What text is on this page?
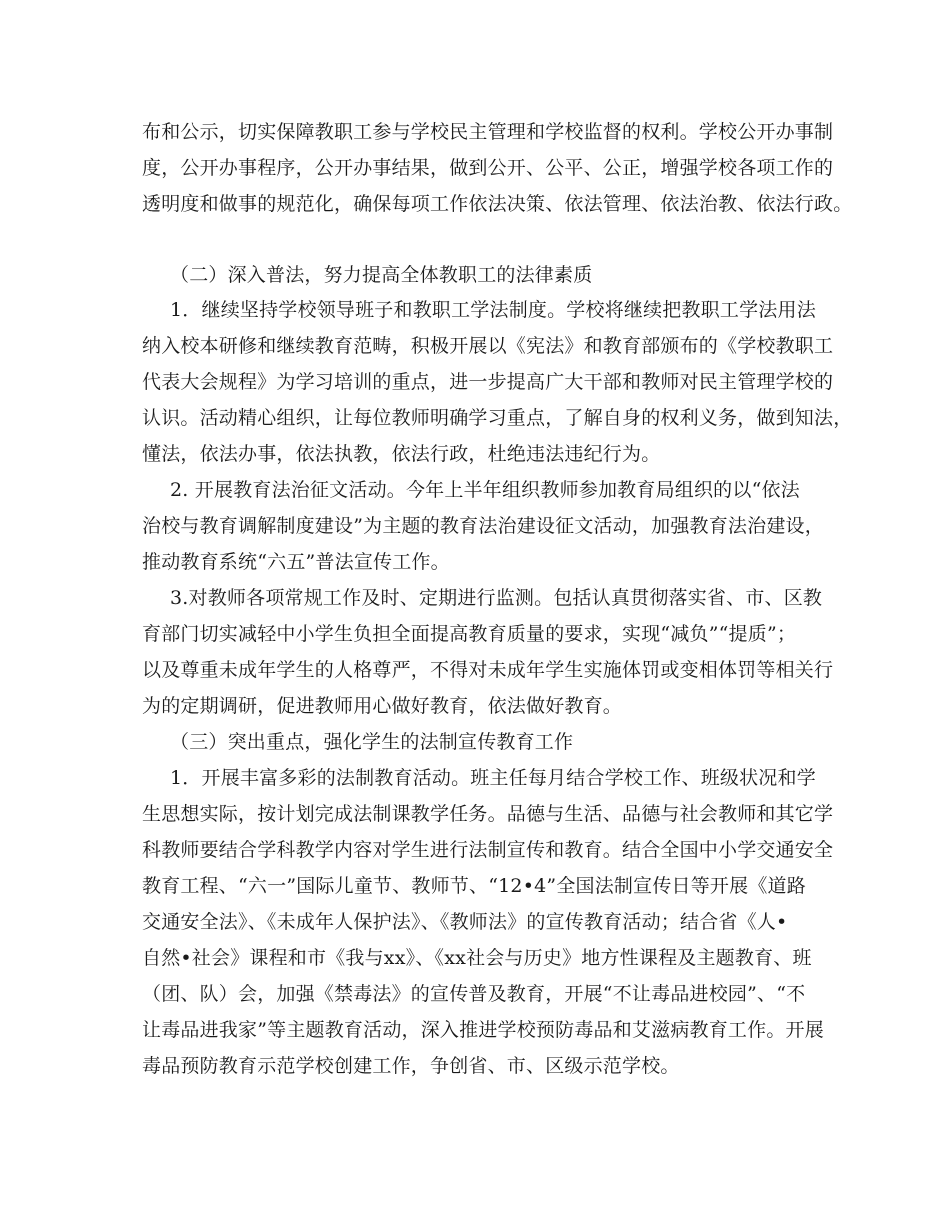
布和公示，切实保障教职工参与学校民主管理和学校监督的权利。学校公开办事制
度，公开办事程序，公开办事结果，做到公开、公平、公正，增强学校各项工作的
透明度和做事的规范化，确保每项工作依法决策、依法管理、依法治教、依法行政。
（二）深入普法，努力提高全体教职工的法律素质
1．继续坚持学校领导班子和教职工学法制度。学校将继续把教职工学法用法
纳入校本研修和继续教育范畴，积极开展以《宪法》和教育部颁布的《学校教职工
代表大会规程》为学习培训的重点，进一步提高广大干部和教师对民主管理学校的
认识。活动精心组织，让每位教师明确学习重点，了解自身的权利义务，做到知法，
懂法，依法办事，依法执教，依法行政，杜绝违法违纪行为。
2. 开展教育法治征文活动。今年上半年组织教师参加教育局组织的以“依法
治校与教育调解制度建设”为主题的教育法治建设征文活动，加强教育法治建设，
推动教育系统“六五”普法宣传工作。
3.对教师各项常规工作及时、定期进行监测。包括认真贯彻落实省、市、区教
育部门切实减轻中小学生负担全面提高教育质量的要求，实现“减负”“提质”；
以及尊重未成年学生的人格尊严，不得对未成年学生实施体罚或变相体罚等相关行
为的定期调研，促进教师用心做好教育，依法做好教育。
（三）突出重点，强化学生的法制宣传教育工作
1．开展丰富多彩的法制教育活动。班主任每月结合学校工作、班级状况和学
生思想实际，按计划完成法制课教学任务。品德与生活、品德与社会教师和其它学
科教师要结合学科教学内容对学生进行法制宣传和教育。结合全国中小学交通安全
教育工程、“六一”国际儿童节、教师节、“12•4”全国法制宣传日等开展《道路
交通安全法》、《未成年人保护法》、《教师法》的宣传教育活动；结合省《人•
自然•社会》课程和市《我与xx》、《xx社会与历史》地方性课程及主题教育、班
（团、队）会，加强《禁毒法》的宣传普及教育，开展“不让毒品进校园”、“不
让毒品进我家”等主题教育活动，深入推进学校预防毒品和艾滋病教育工作。开展
毒品预防教育示范学校创建工作，争创省、市、区级示范学校。
